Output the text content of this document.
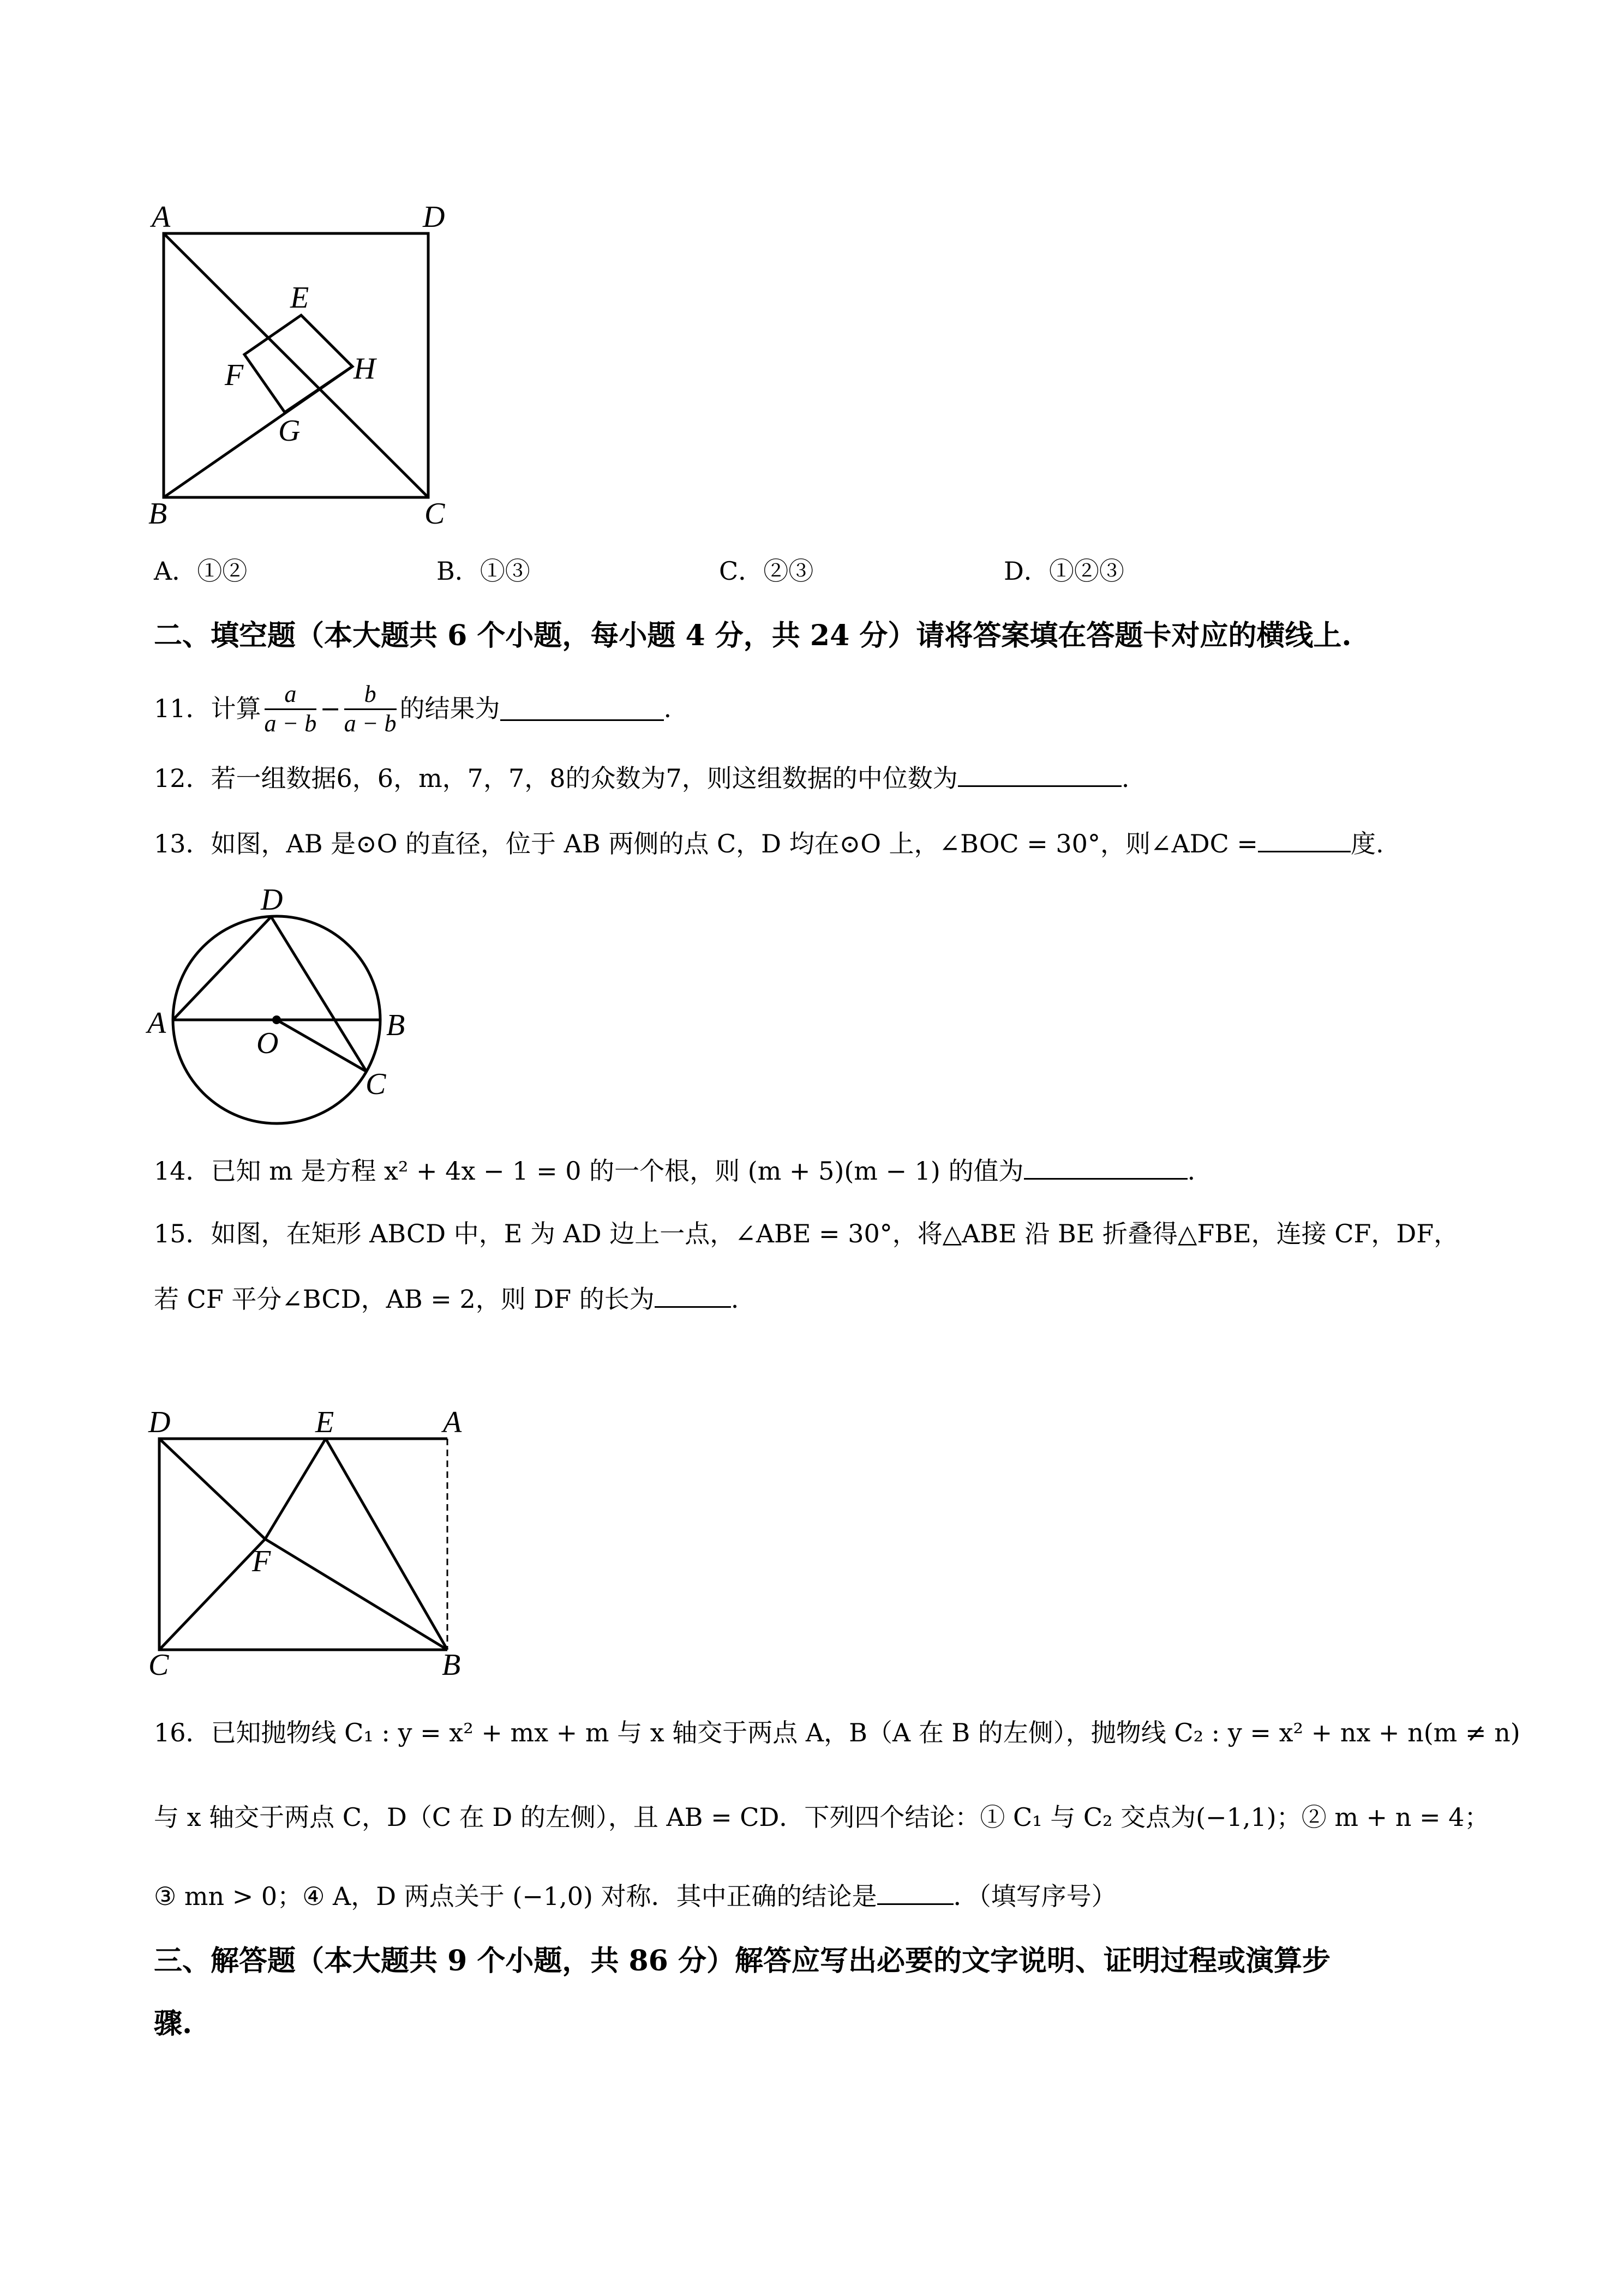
A	D
E
F	H
G
B	C
A．①②	B．①③	C．②③	D．①②③
二、填空题（本大题共 6 个小题，每小题 4 分，共 24 分）请将答案填在答题卡对应的横线上.
11． 计算 $\frac{a}{a - b} - \frac{b}{a - b}$ 的结果为	.
12．若一组数据6，6，m，7，7，8的众数为7，则这组数据的中位数为	.
13．如图，AB 是⊙O 的直径，位于 AB 两侧的点 C，D 均在⊙O 上，∠BOC = 30°，则∠ADC =	度.
D
A
O
B
C
14．已知 m 是方程 x² + 4x − 1 = 0 的一个根，则 (m + 5)(m − 1) 的值为	.
15．如图，在矩形 ABCD 中，E 为 AD 边上一点，∠ABE = 30°，将△ABE 沿 BE 折叠得△FBE，连接 CF，DF，
若 CF 平分∠BCD，AB = 2，则 DF 的长为	.
D	E	A
F
C	B
16．已知抛物线 C₁ : y = x² + mx + m 与 x 轴交于两点 A，B（A 在 B 的左侧），抛物线 C₂ : y = x² + nx + n(m ≠ n)
与 x 轴交于两点 C，D（C 在 D 的左侧），且 AB = CD．下列四个结论：① C₁ 与 C₂ 交点为(−1,1)；② m + n = 4；
③ mn > 0；④ A，D 两点关于 (−1,0) 对称．其中正确的结论是	．（填写序号）
三、解答题（本大题共 9 个小题，共 86 分）解答应写出必要的文字说明、证明过程或演算步
骤.
